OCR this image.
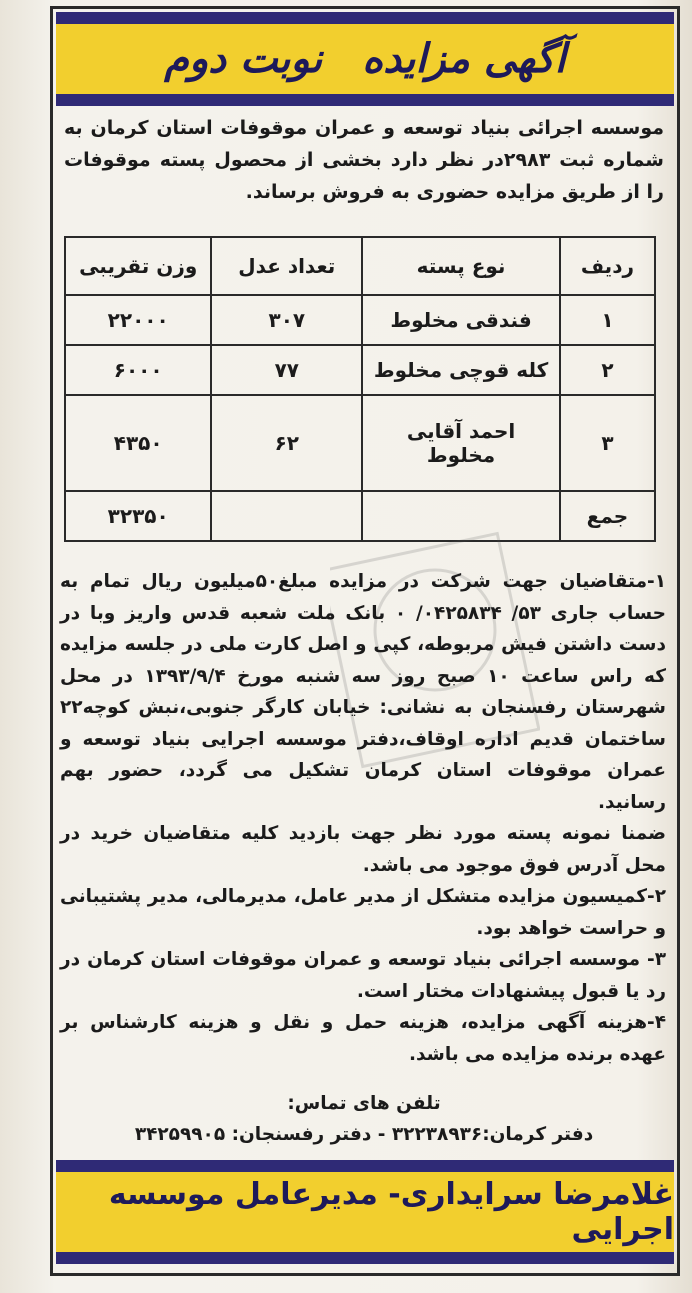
آگهی مزایده
نوبت دوم
موسسه اجرائی بنیاد توسعه و عمران موقوفات استان کرمان به شماره ثبت ۲۹۸۳در نظر دارد بخشی از محصول پسته موقوفات را از طریق مزایده حضوری به فروش برساند.
ردیف	نوع پسته	تعداد عدل	وزن تقریبی
۱	فندقی مخلوط	۳۰۷	۲۲۰۰۰
۲	کله قوچی مخلوط	۷۷	۶۰۰۰
۳	احمد آقایی مخلوط	۶۲	۴۳۵۰
جمع			۳۲۳۵۰

۱-متقاضیان جهت شرکت در مزایده مبلغ۵۰میلیون ریال تمام به حساب جاری ۵۳/ ۰۴۲۵۸۳۴/ ۰ بانک ملت شعبه قدس واریز وبا در دست داشتن فیش مربوطه، کپی و اصل کارت ملی در جلسه مزایده که راس ساعت ۱۰ صبح روز سه شنبه مورخ ۱۳۹۳/۹/۴ در محل شهرستان رفسنجان به نشانی: خیابان کارگر جنوبی،نبش کوچه۲۲ ساختمان قدیم اداره اوقاف،دفتر موسسه اجرایی بنیاد توسعه و عمران موقوفات استان کرمان تشکیل می گردد، حضور بهم رسانید.

ضمنا نمونه پسته مورد نظر جهت بازدید کلیه متقاضیان خرید در محل آدرس فوق موجود می باشد.

۲-کمیسیون مزایده متشکل از مدیر عامل، مدیرمالی، مدیر پشتیبانی و حراست خواهد بود.

۳- موسسه اجرائی بنیاد توسعه و عمران موقوفات استان کرمان در رد یا قبول پیشنهادات مختار است.

۴-هزینه آگهی مزایده، هزینه حمل و نقل و هزینه کارشناس بر عهده برنده مزایده می باشد.

تلفن های تماس:
دفتر کرمان:۳۲۲۳۸۹۳۶ - دفتر رفسنجان: ۳۴۲۵۹۹۰۵
غلامرضا سرایداری- مدیرعامل موسسه اجرایی
